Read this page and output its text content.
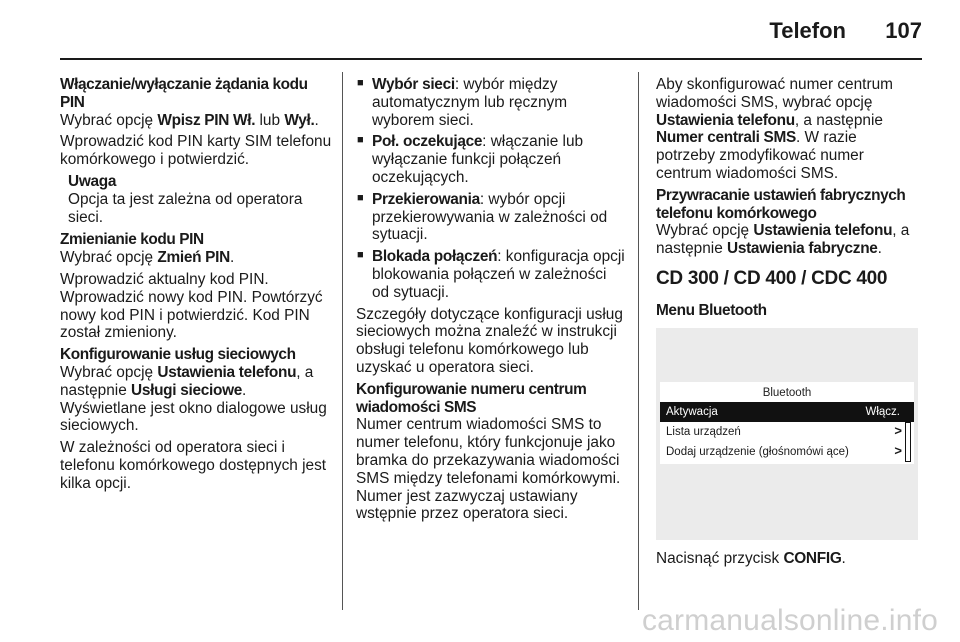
Telefon 107

Włączanie/wyłączanie żądania kodu PIN

Wybrać opcję Wpisz PIN Wł. lub Wył..

Wprowadzić kod PIN karty SIM telefonu komórkowego i potwierdzić.

Uwaga

Opcja ta jest zależna od operatora sieci.

Zmienianie kodu PIN

Wybrać opcję Zmień PIN.

Wprowadzić aktualny kod PIN. Wprowadzić nowy kod PIN. Powtórzyć nowy kod PIN i potwierdzić. Kod PIN został zmieniony.

Konfigurowanie usług sieciowych

Wybrać opcję Ustawienia telefonu, a następnie Usługi sieciowe. Wyświetlane jest okno dialogowe usług sieciowych.

W zależności od operatora sieci i telefonu komórkowego dostępnych jest kilka opcji.

■ Wybór sieci: wybór między automatycznym lub ręcznym wyborem sieci.
■ Poł. oczekujące: włączanie lub wyłączanie funkcji połączeń oczekujących.
■ Przekierowania: wybór opcji przekierowywania w zależności od sytuacji.
■ Blokada połączeń: konfiguracja opcji blokowania połączeń w zależności od sytuacji.

Szczegóły dotyczące konfiguracji usług sieciowych można znaleźć w instrukcji obsługi telefonu komórkowego lub uzyskać u operatora sieci.

Konfigurowanie numeru centrum wiadomości SMS

Numer centrum wiadomości SMS to numer telefonu, który funkcjonuje jako bramka do przekazywania wiadomości SMS między telefonami komórkowymi. Numer jest zazwyczaj ustawiany wstępnie przez operatora sieci.

Aby skonfigurować numer centrum wiadomości SMS, wybrać opcję Ustawienia telefonu, a następnie Numer centrali SMS. W razie potrzeby zmodyfikować numer centrum wiadomości SMS.

Przywracanie ustawień fabrycznych telefonu komórkowego

Wybrać opcję Ustawienia telefonu, a następnie Ustawienia fabryczne.

CD 300 / CD 400 / CDC 400

Menu Bluetooth

Bluetooth
Aktywacja	Włącz.
Lista urządzeń	>
Dodaj urządzenie (głośnomówi ące)	>

Nacisnąć przycisk CONFIG.

carmanualsonline.info
